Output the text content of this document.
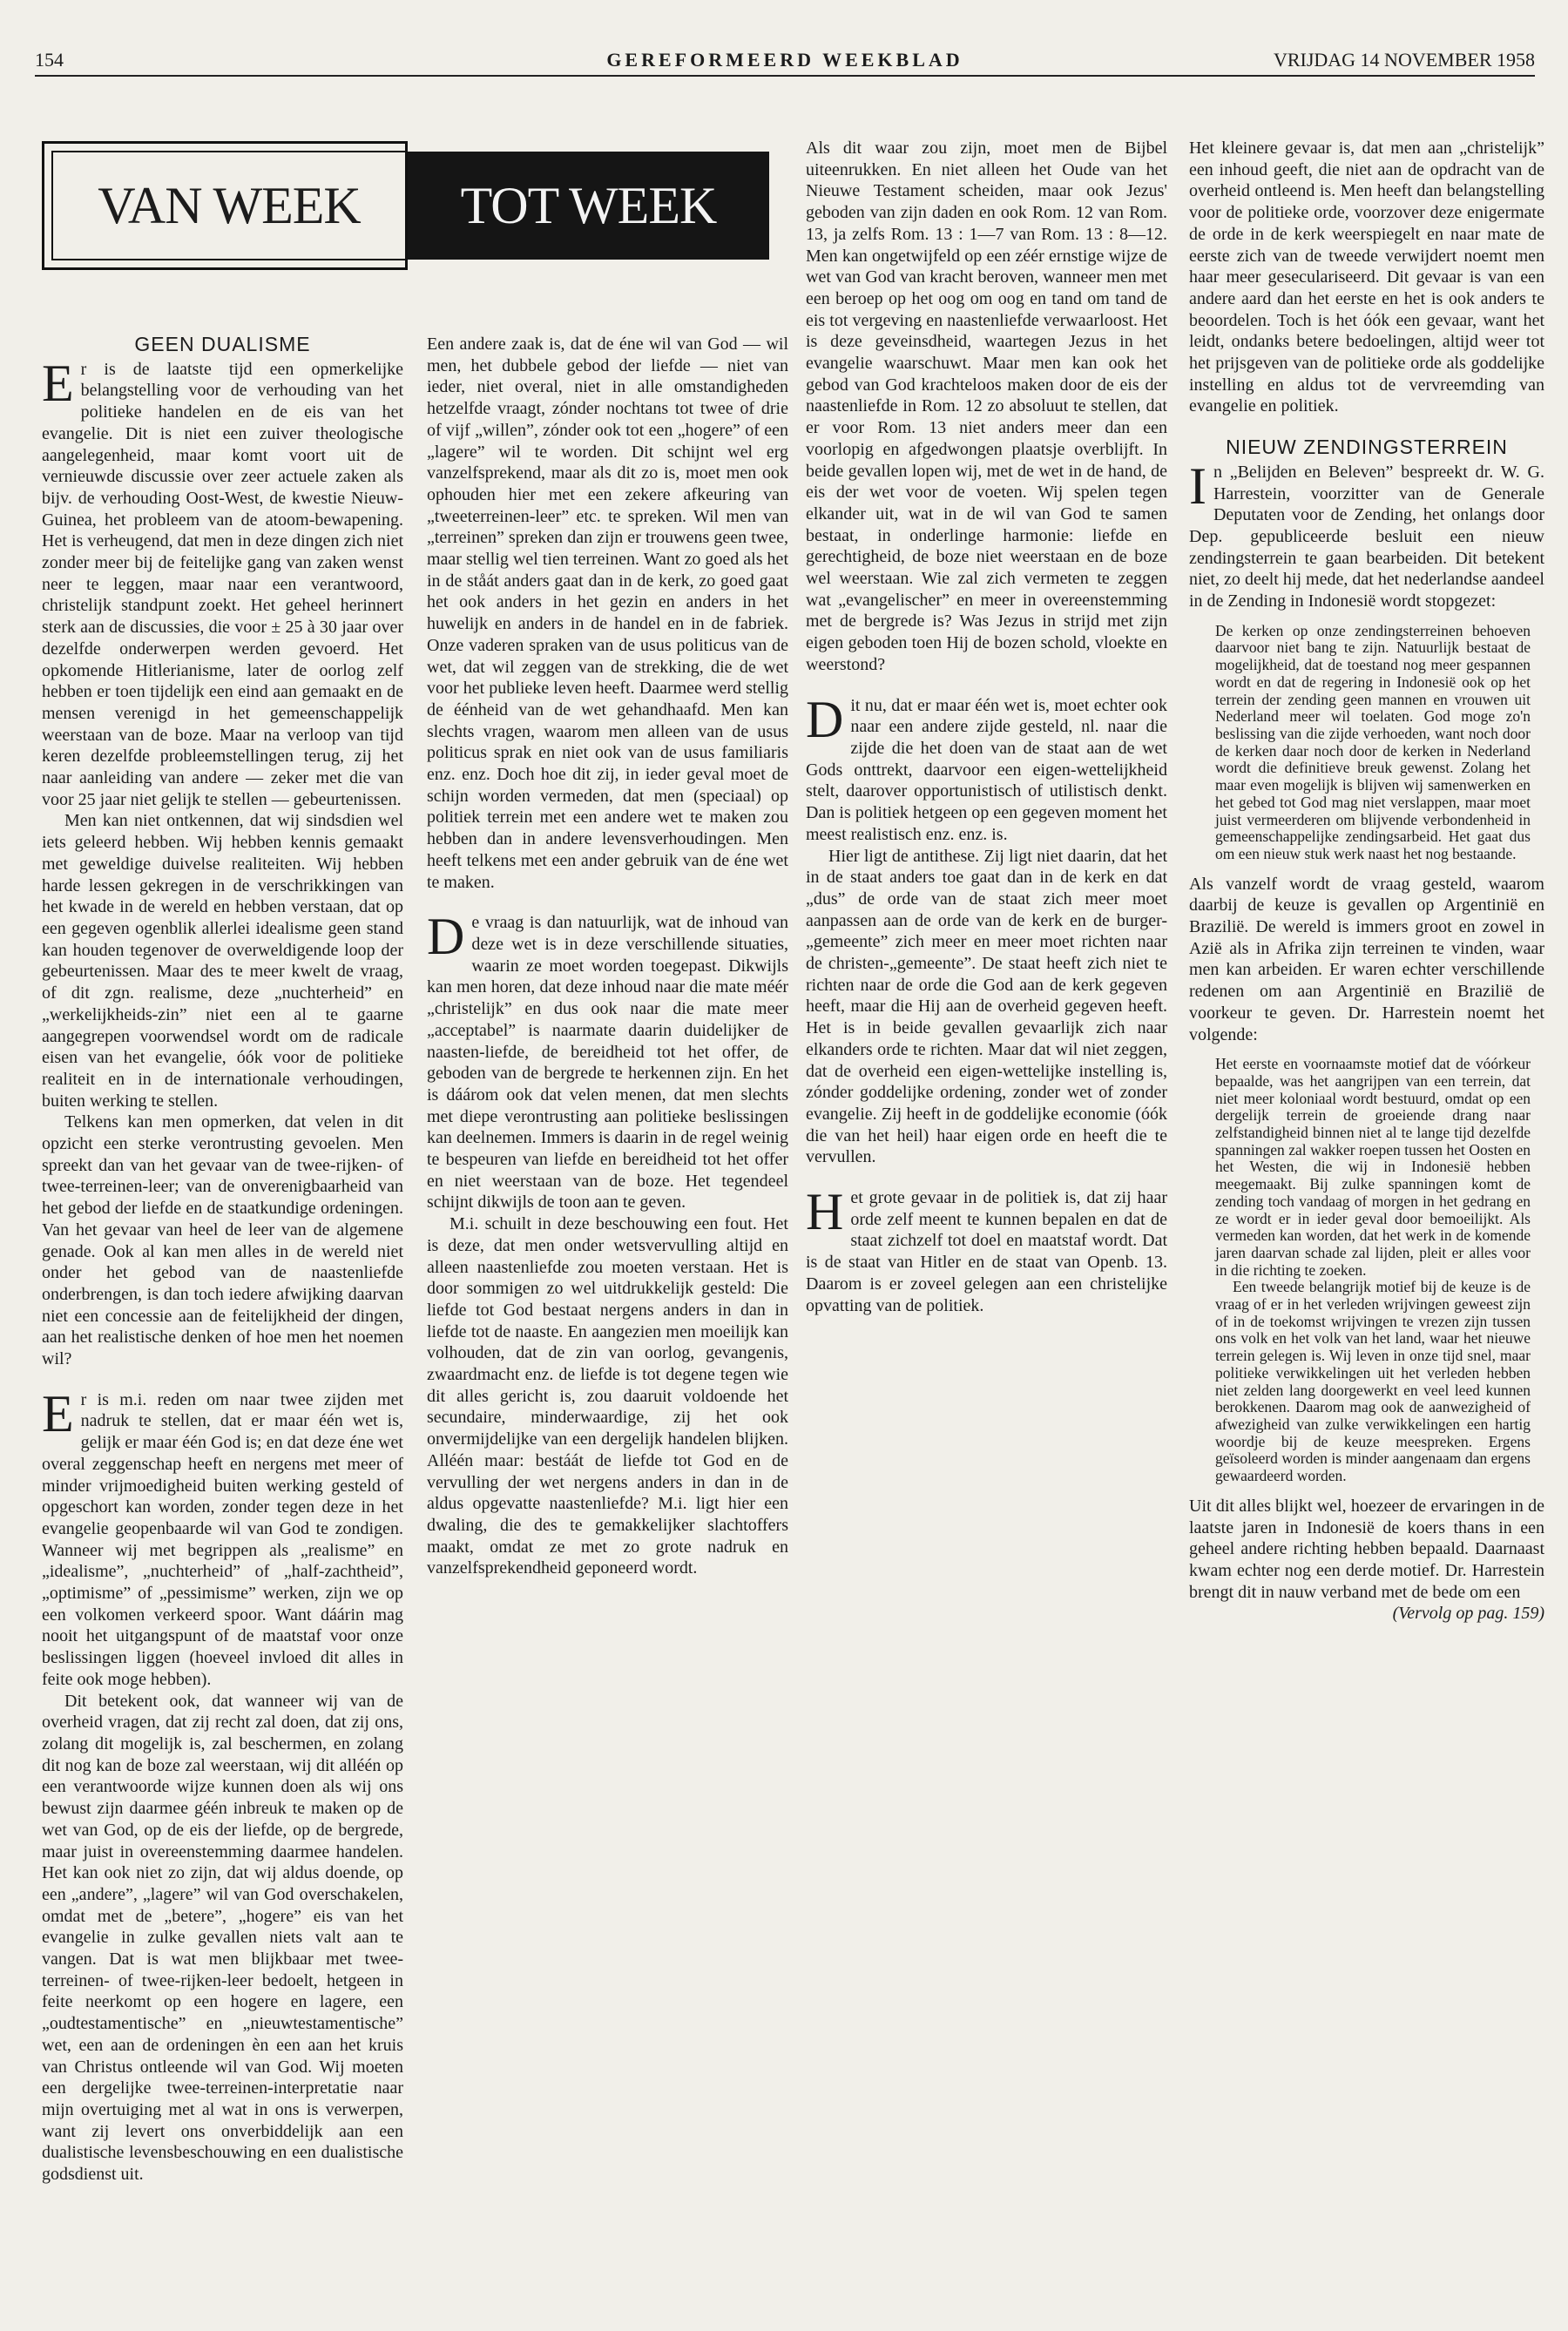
154	GEREFORMEERD WEEKBLAD	VRIJDAG 14 NOVEMBER 1958
VAN WEEK	TOT WEEK
GEEN DUALISME

Er is de laatste tijd een opmerkelijke belangstelling voor de verhouding van het politieke handelen en de eis van het evangelie. Dit is niet een zuiver theologische aangelegenheid, maar komt voort uit de vernieuwde discussie over zeer actuele zaken als bijv. de verhouding Oost-West, de kwestie Nieuw-Guinea, het probleem van de atoom-bewapening. Het is verheugend, dat men in deze dingen zich niet zonder meer bij de feitelijke gang van zaken wenst neer te leggen, maar naar een verantwoord, christelijk standpunt zoekt. Het geheel herinnert sterk aan de discussies, die voor ± 25 à 30 jaar over dezelfde onderwerpen werden gevoerd. Het opkomende Hitlerianisme, later de oorlog zelf hebben er toen tijdelijk een eind aan gemaakt en de mensen verenigd in het gemeenschappelijk weerstaan van de boze. Maar na verloop van tijd keren dezelfde probleemstellingen terug, zij het naar aanleiding van andere — zeker met die van voor 25 jaar niet gelijk te stellen — gebeurtenissen.

Men kan niet ontkennen, dat wij sindsdien wel iets geleerd hebben. Wij hebben kennis gemaakt met geweldige duivelse realiteiten. Wij hebben harde lessen gekregen in de verschrikkingen van het kwade in de wereld en hebben verstaan, dat op een gegeven ogenblik allerlei idealisme geen stand kan houden tegenover de overweldigende loop der gebeurtenissen. Maar des te meer kwelt de vraag, of dit zgn. realisme, deze „nuchterheid” en „werkelijkheids-zin” niet een al te gaarne aangegrepen voorwendsel wordt om de radicale eisen van het evangelie, óók voor de politieke realiteit en in de internationale verhoudingen, buiten werking te stellen.

Telkens kan men opmerken, dat velen in dit opzicht een sterke verontrusting gevoelen. Men spreekt dan van het gevaar van de twee-rijken- of twee-terreinen-leer; van de onverenigbaarheid van het gebod der liefde en de staatkundige ordeningen. Van het gevaar van heel de leer van de algemene genade. Ook al kan men alles in de wereld niet onder het gebod van de naastenliefde onderbrengen, is dan toch iedere afwijking daarvan niet een concessie aan de feitelijkheid der dingen, aan het realistische denken of hoe men het noemen wil?

Er is m.i. reden om naar twee zijden met nadruk te stellen, dat er maar één wet is, gelijk er maar één God is; en dat deze éne wet overal zeggenschap heeft en nergens met meer of minder vrijmoedigheid buiten werking gesteld of opgeschort kan worden, zonder tegen deze in het evangelie geopenbaarde wil van God te zondigen. Wanneer wij met begrippen als „realisme” en „idealisme”, „nuchterheid” of „half-zachtheid”, „optimisme” of „pessimisme” werken, zijn we op een volkomen verkeerd spoor. Want dáárin mag nooit het uitgangspunt of de maatstaf voor onze beslissingen liggen (hoeveel invloed dit alles in feite ook moge hebben).

Dit betekent ook, dat wanneer wij van de overheid vragen, dat zij recht zal doen, dat zij ons, zolang dit mogelijk is, zal beschermen, en zolang dit nog kan de boze zal weerstaan, wij dit alléén op een verantwoorde wijze kunnen doen als wij ons bewust zijn daarmee géén inbreuk te maken op de wet van God, op de eis der liefde, op de bergrede, maar juist in overeenstemming daarmee handelen. Het kan ook niet zo zijn, dat wij aldus doende, op een „andere”, „lagere” wil van God overschakelen, omdat met de „betere”, „hogere” eis van het evangelie in zulke gevallen niets valt aan te vangen. Dat is wat men blijkbaar met twee-terreinen- of twee-rijken-leer bedoelt, hetgeen in feite neerkomt op een hogere en lagere, een „oudtestamentische” en „nieuwtestamentische” wet, een aan de ordeningen èn een aan het kruis van Christus ontleende wil van God. Wij moeten een dergelijke twee-terreinen-interpretatie naar mijn overtuiging met al wat in ons is verwerpen, want zij levert ons onverbiddelijk aan een dualistische levensbeschouwing en een dualistische godsdienst uit.

Een andere zaak is, dat de éne wil van God — wil men, het dubbele gebod der liefde — niet van ieder, niet overal, niet in alle omstandigheden hetzelfde vraagt, zónder nochtans tot twee of drie of vijf „willen”, zónder ook tot een „hogere” of een „lagere” wil te worden. Dit schijnt wel erg vanzelfsprekend, maar als dit zo is, moet men ook ophouden hier met een zekere afkeuring van „tweeterreinen-leer” etc. te spreken. Wil men van „terreinen” spreken dan zijn er trouwens geen twee, maar stellig wel tien terreinen. Want zo goed als het in de ståát anders gaat dan in de kerk, zo goed gaat het ook anders in het gezin en anders in het huwelijk en anders in de handel en in de fabriek. Onze vaderen spraken van de usus politicus van de wet, dat wil zeggen van de strekking, die de wet voor het publieke leven heeft. Daarmee werd stellig de éénheid van de wet gehandhaafd. Men kan slechts vragen, waarom men alleen van de usus politicus sprak en niet ook van de usus familiaris enz. enz. Doch hoe dit zij, in ieder geval moet de schijn worden vermeden, dat men (speciaal) op politiek terrein met een andere wet te maken zou hebben dan in andere levensverhoudingen. Men heeft telkens met een ander gebruik van de éne wet te maken.

De vraag is dan natuurlijk, wat de inhoud van deze wet is in deze verschillende situaties, waarin ze moet worden toegepast. Dikwijls kan men horen, dat deze inhoud naar die mate méér „christelijk” en dus ook naar die mate meer „acceptabel” is naarmate daarin duidelijker de naasten-liefde, de bereidheid tot het offer, de geboden van de bergrede te herkennen zijn. En het is dáárom ook dat velen menen, dat men slechts met diepe verontrusting aan politieke beslissingen kan deelnemen. Immers is daarin in de regel weinig te bespeuren van liefde en bereidheid tot het offer en niet weerstaan van de boze. Het tegendeel schijnt dikwijls de toon aan te geven.

M.i. schuilt in deze beschouwing een fout. Het is deze, dat men onder wetsvervulling altijd en alleen naastenliefde zou moeten verstaan. Het is door sommigen zo wel uitdrukkelijk gesteld: Die liefde tot God bestaat nergens anders in dan in liefde tot de naaste. En aangezien men moeilijk kan volhouden, dat de zin van oorlog, gevangenis, zwaardmacht enz. de liefde is tot degene tegen wie dit alles gericht is, zou daaruit voldoende het secundaire, minderwaardige, zij het ook onvermijdelijke van een dergelijk handelen blijken. Alléén maar: bestáát de liefde tot God en de vervulling der wet nergens anders in dan in de aldus opgevatte naastenliefde? M.i. ligt hier een dwaling, die des te gemakkelijker slachtoffers maakt, omdat ze met zo grote nadruk en vanzelfsprekendheid geponeerd wordt.

Als dit waar zou zijn, moet men de Bijbel uiteenrukken. En niet alleen het Oude van het Nieuwe Testament scheiden, maar ook Jezus' geboden van zijn daden en ook Rom. 12 van Rom. 13, ja zelfs Rom. 13 : 1—7 van Rom. 13 : 8—12. Men kan ongetwijfeld op een zéér ernstige wijze de wet van God van kracht beroven, wanneer men met een beroep op het oog om oog en tand om tand de eis tot vergeving en naastenliefde verwaarloost. Het is deze geveinsdheid, waartegen Jezus in het evangelie waarschuwt. Maar men kan ook het gebod van God krachteloos maken door de eis der naastenliefde in Rom. 12 zo absoluut te stellen, dat er voor Rom. 13 niet anders meer dan een voorlopig en afgedwongen plaatsje overblijft. In beide gevallen lopen wij, met de wet in de hand, de eis der wet voor de voeten. Wij spelen tegen elkander uit, wat in de wil van God te samen bestaat, in onderlinge harmonie: liefde en gerechtigheid, de boze niet weerstaan en de boze wel weerstaan. Wie zal zich vermeten te zeggen wat „evangelischer” en meer in overeenstemming met de bergrede is? Was Jezus in strijd met zijn eigen geboden toen Hij de bozen schold, vloekte en weerstond?

Dit nu, dat er maar één wet is, moet echter ook naar een andere zijde gesteld, nl. naar die zijde die het doen van de staat aan de wet Gods onttrekt, daarvoor een eigen-wettelijkheid stelt, daarover opportunistisch of utilistisch denkt. Dan is politiek hetgeen op een gegeven moment het meest realistisch enz. enz. is.

Hier ligt de antithese. Zij ligt niet daarin, dat het in de staat anders toe gaat dan in de kerk en dat „dus” de orde van de staat zich meer moet aanpassen aan de orde van de kerk en de burger-„gemeente” zich meer en meer moet richten naar de christen-„gemeente”. De staat heeft zich niet te richten naar de orde die God aan de kerk gegeven heeft, maar die Hij aan de overheid gegeven heeft. Het is in beide gevallen gevaarlijk zich naar elkanders orde te richten. Maar dat wil niet zeggen, dat de overheid een eigen-wettelijke instelling is, zónder goddelijke ordening, zonder wet of zonder evangelie. Zij heeft in de goddelijke economie (óók die van het heil) haar eigen orde en heeft die te vervullen.

Het grote gevaar in de politiek is, dat zij haar orde zelf meent te kunnen bepalen en dat de staat zichzelf tot doel en maatstaf wordt. Dat is de staat van Hitler en de staat van Openb. 13. Daarom is er zoveel gelegen aan een christelijke opvatting van de politiek.

Het kleinere gevaar is, dat men aan „christelijk” een inhoud geeft, die niet aan de opdracht van de overheid ontleend is. Men heeft dan belangstelling voor de politieke orde, voorzover deze enigermate de orde in de kerk weerspiegelt en naar mate de eerste zich van de tweede verwijdert noemt men haar meer geseculariseerd. Dit gevaar is van een andere aard dan het eerste en het is ook anders te beoordelen. Toch is het óók een gevaar, want het leidt, ondanks betere bedoelingen, altijd weer tot het prijsgeven van de politieke orde als goddelijke instelling en aldus tot de vervreemding van evangelie en politiek.

NIEUW ZENDINGSTERREIN

In „Belijden en Beleven” bespreekt dr. W. G. Harrestein, voorzitter van de Generale Deputaten voor de Zending, het onlangs door Dep. gepubliceerde besluit een nieuw zendingsterrein te gaan bearbeiden. Dit betekent niet, zo deelt hij mede, dat het nederlandse aandeel in de Zending in Indonesië wordt stopgezet:

De kerken op onze zendingsterreinen behoeven daarvoor niet bang te zijn. Natuurlijk bestaat de mogelijkheid, dat de toestand nog meer gespannen wordt en dat de regering in Indonesië ook op het terrein der zending geen mannen en vrouwen uit Nederland meer wil toelaten. God moge zo'n beslissing van die zijde verhoeden, want noch door de kerken daar noch door de kerken in Nederland wordt die definitieve breuk gewenst. Zolang het maar even mogelijk is blijven wij samenwerken en het gebed tot God mag niet verslappen, maar moet juist vermeerderen om blijvende verbondenheid in gemeenschappelijke zendingsarbeid. Het gaat dus om een nieuw stuk werk naast het nog bestaande.

Als vanzelf wordt de vraag gesteld, waarom daarbij de keuze is gevallen op Argentinië en Brazilië. De wereld is immers groot en zowel in Azië als in Afrika zijn terreinen te vinden, waar men kan arbeiden. Er waren echter verschillende redenen om aan Argentinië en Brazilië de voorkeur te geven. Dr. Harrestein noemt het volgende:

Het eerste en voornaamste motief dat de vóórkeur bepaalde, was het aangrijpen van een terrein, dat niet meer koloniaal wordt bestuurd, omdat op een dergelijk terrein de groeiende drang naar zelfstandigheid binnen niet al te lange tijd dezelfde spanningen zal wakker roepen tussen het Oosten en het Westen, die wij in Indonesië hebben meegemaakt. Bij zulke spanningen komt de zending toch vandaag of morgen in het gedrang en ze wordt er in ieder geval door bemoeilijkt. Als vermeden kan worden, dat het werk in de komende jaren daarvan schade zal lijden, pleit er alles voor in die richting te zoeken.

Een tweede belangrijk motief bij de keuze is de vraag of er in het verleden wrijvingen geweest zijn of in de toekomst wrijvingen te vrezen zijn tussen ons volk en het volk van het land, waar het nieuwe terrein gelegen is. Wij leven in onze tijd snel, maar politieke verwikkelingen uit het verleden hebben niet zelden lang doorgewerkt en veel leed kunnen berokkenen. Daarom mag ook de aanwezigheid of afwezigheid van zulke verwikkelingen een hartig woordje bij de keuze meespreken. Ergens geïsoleerd worden is minder aangenaam dan ergens gewaardeerd worden.

Uit dit alles blijkt wel, hoezeer de ervaringen in de laatste jaren in Indonesië de koers thans in een geheel andere richting hebben bepaald. Daarnaast kwam echter nog een derde motief. Dr. Harrestein brengt dit in nauw verband met de bede om een

(Vervolg op pag. 159)
